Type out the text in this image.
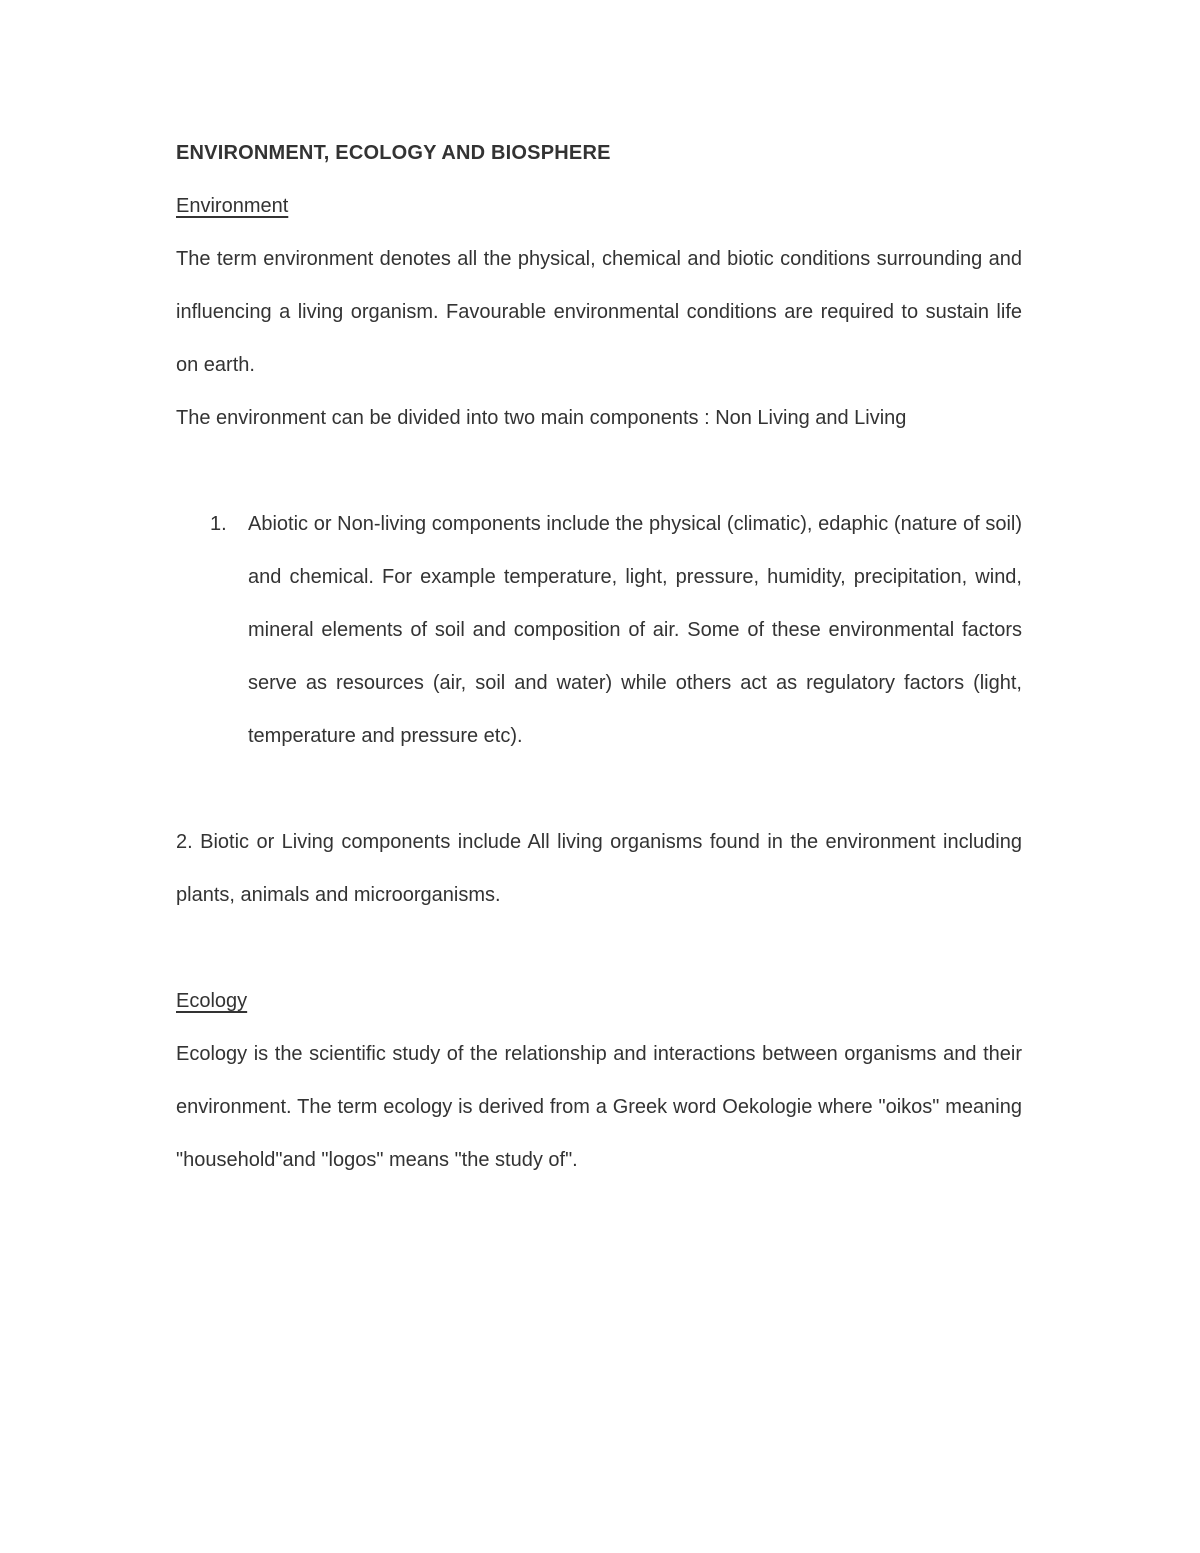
ENVIRONMENT, ECOLOGY AND BIOSPHERE
Environment

The term environment denotes all the physical, chemical and biotic conditions surrounding and influencing a living organism. Favourable environmental conditions are required to sustain life on earth.

The environment can be divided into two main components : Non Living and Living

1. Abiotic or Non-living components include the physical (climatic), edaphic (nature of soil) and chemical. For example temperature, light, pressure, humidity, precipitation, wind, mineral elements of soil and composition of air. Some of these environmental factors serve as resources (air, soil and water) while others act as regulatory factors (light, temperature and pressure etc).

2. Biotic or Living components include All living organisms found in the environment including plants, animals and microorganisms.

Ecology

Ecology is the scientific study of the relationship and interactions between organisms and their environment. The term ecology is derived from a Greek word Oekologie where "oikos" meaning "household"and "logos" means "the study of".
